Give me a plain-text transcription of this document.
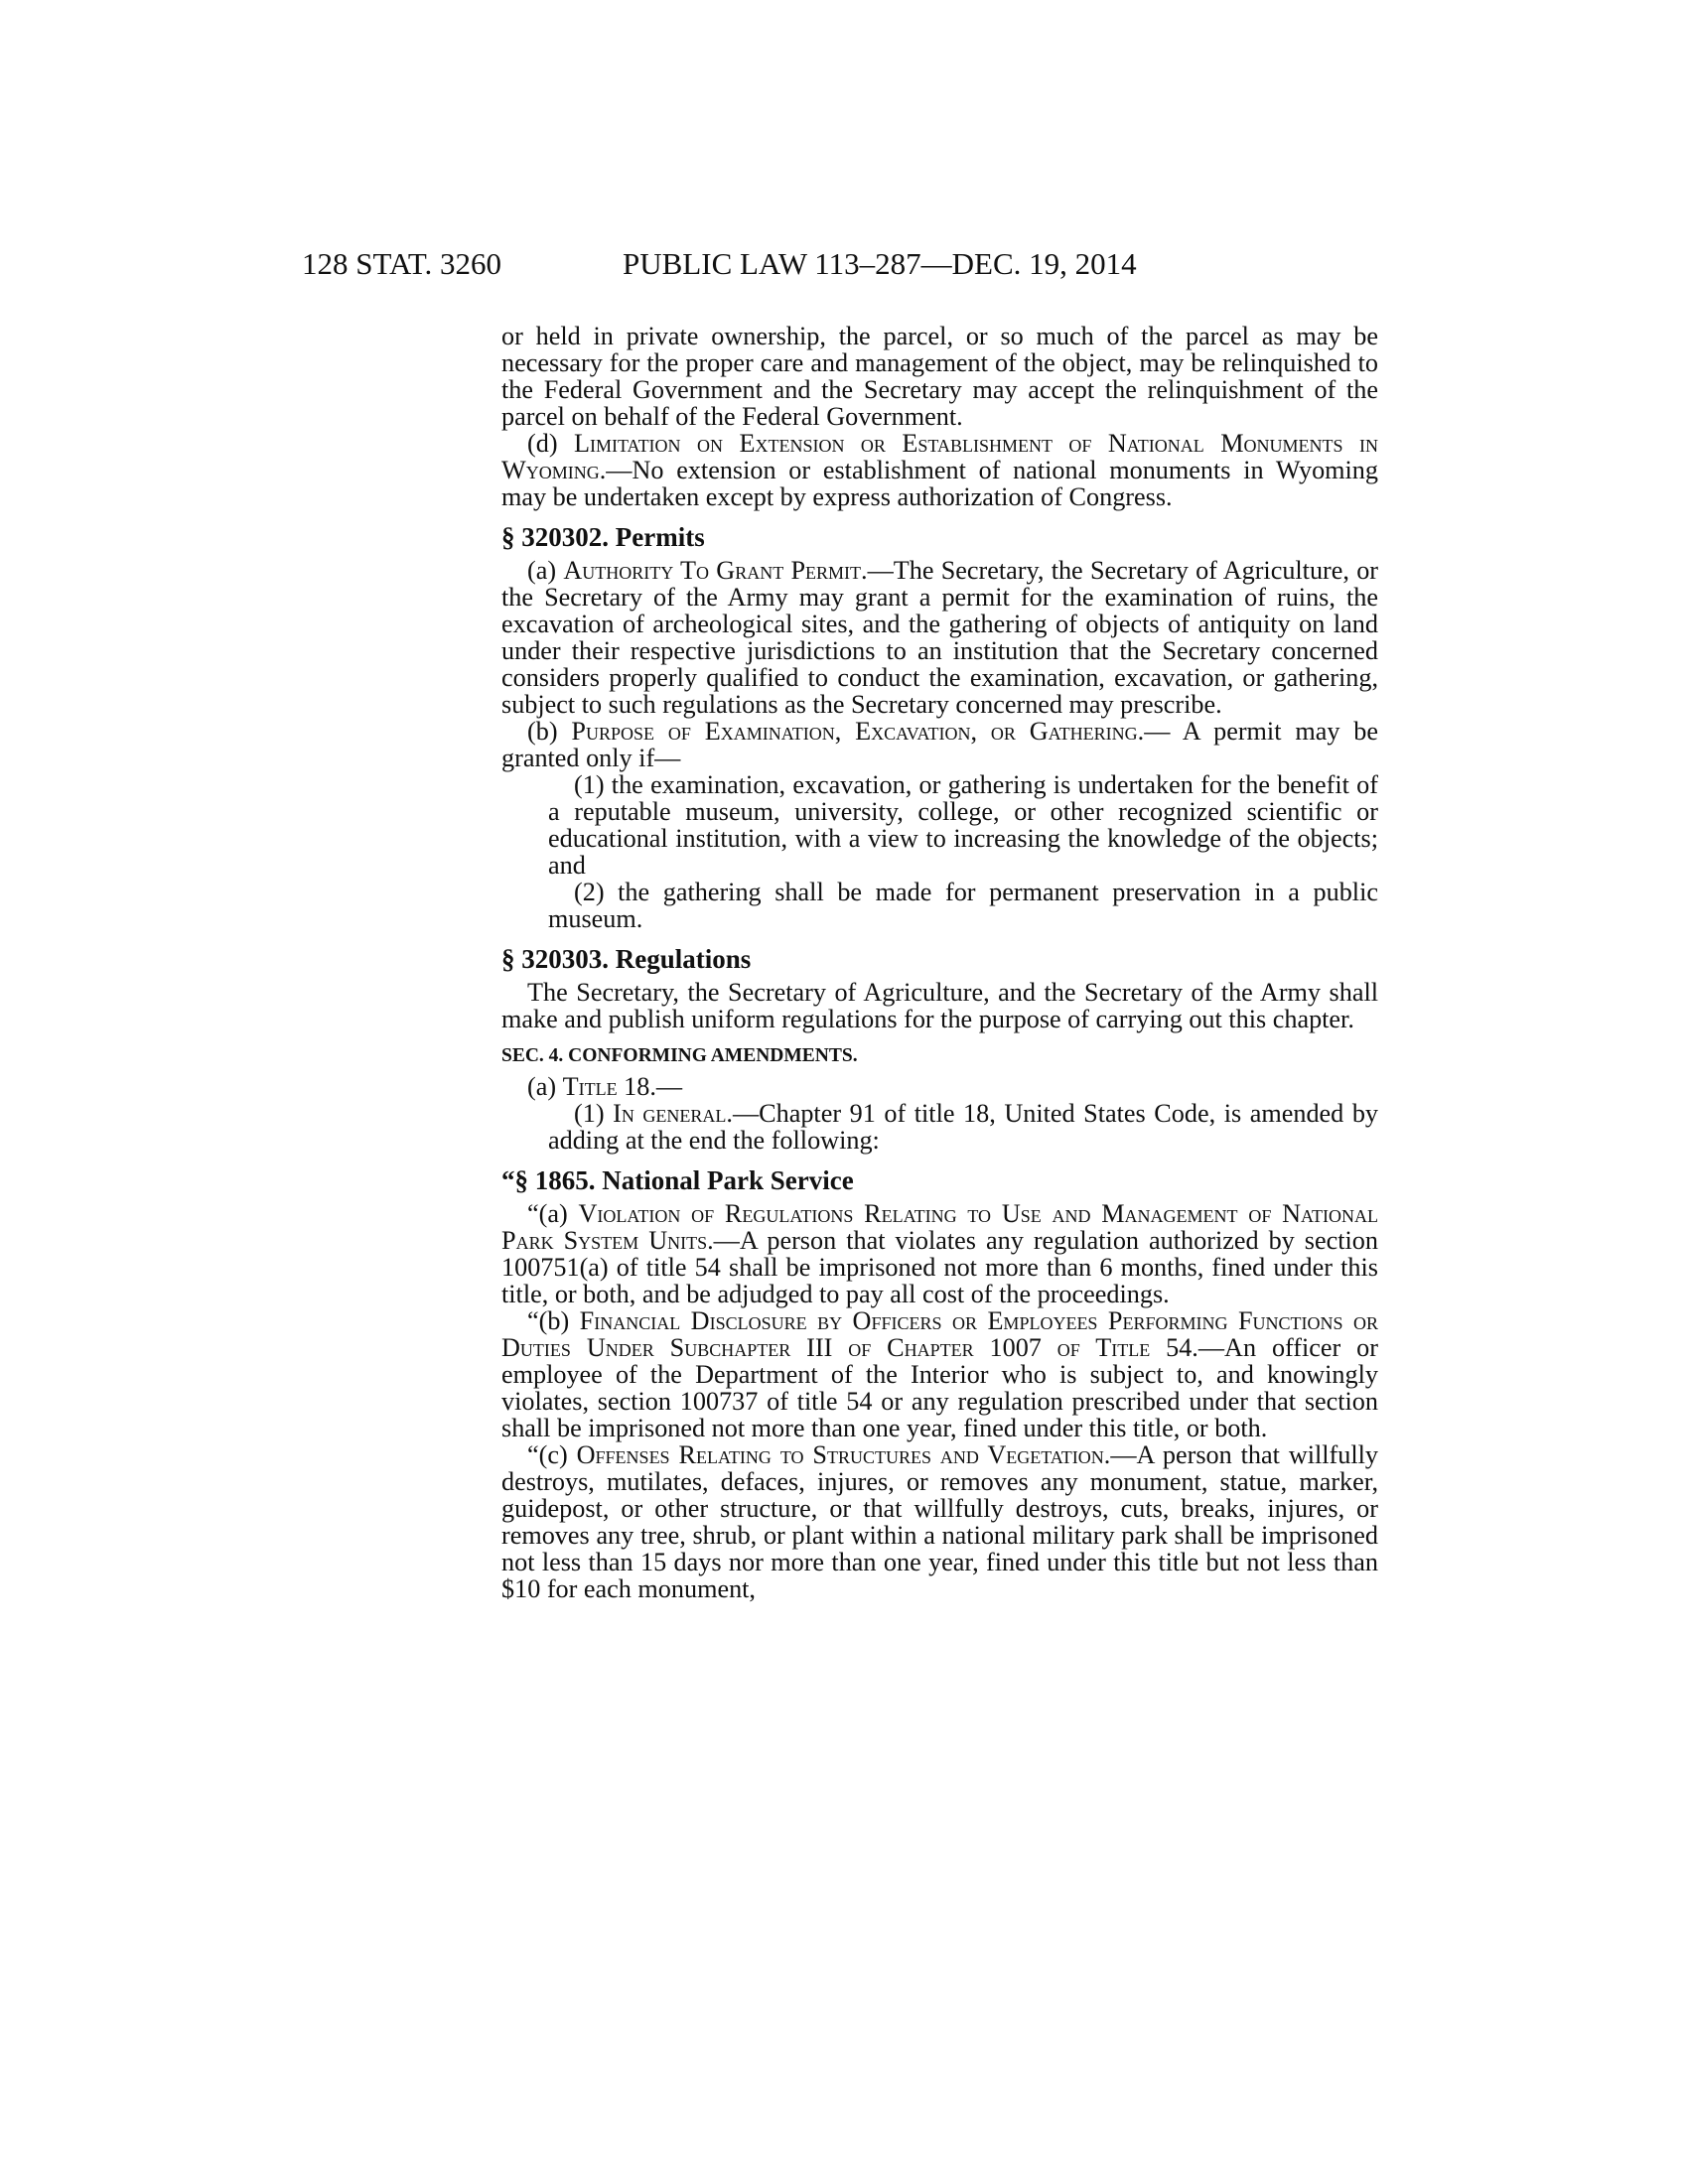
128 STAT. 3260	PUBLIC LAW 113–287—DEC. 19, 2014

or held in private ownership, the parcel, or so much of the parcel as may be necessary for the proper care and management of the object, may be relinquished to the Federal Government and the Secretary may accept the relinquishment of the parcel on behalf of the Federal Government.

(d) Limitation on Extension or Establishment of National Monuments in Wyoming.—No extension or establishment of national monuments in Wyoming may be undertaken except by express authorization of Congress.

§ 320302. Permits

(a) Authority To Grant Permit.—The Secretary, the Secretary of Agriculture, or the Secretary of the Army may grant a permit for the examination of ruins, the excavation of archeological sites, and the gathering of objects of antiquity on land under their respective jurisdictions to an institution that the Secretary concerned considers properly qualified to conduct the examination, excavation, or gathering, subject to such regulations as the Secretary concerned may prescribe.

(b) Purpose of Examination, Excavation, or Gathering.— A permit may be granted only if—

(1) the examination, excavation, or gathering is undertaken for the benefit of a reputable museum, university, college, or other recognized scientific or educational institution, with a view to increasing the knowledge of the objects; and

(2) the gathering shall be made for permanent preservation in a public museum.

§ 320303. Regulations

The Secretary, the Secretary of Agriculture, and the Secretary of the Army shall make and publish uniform regulations for the purpose of carrying out this chapter.

SEC. 4. CONFORMING AMENDMENTS.

(a) Title 18.—

(1) In general.—Chapter 91 of title 18, United States Code, is amended by adding at the end the following:

“§ 1865. National Park Service

“(a) Violation of Regulations Relating to Use and Management of National Park System Units.—A person that violates any regulation authorized by section 100751(a) of title 54 shall be imprisoned not more than 6 months, fined under this title, or both, and be adjudged to pay all cost of the proceedings.

“(b) Financial Disclosure by Officers or Employees Performing Functions or Duties Under Subchapter III of Chapter 1007 of Title 54.—An officer or employee of the Department of the Interior who is subject to, and knowingly violates, section 100737 of title 54 or any regulation prescribed under that section shall be imprisoned not more than one year, fined under this title, or both.

“(c) Offenses Relating to Structures and Vegetation.—A person that willfully destroys, mutilates, defaces, injures, or removes any monument, statue, marker, guidepost, or other structure, or that willfully destroys, cuts, breaks, injures, or removes any tree, shrub, or plant within a national military park shall be imprisoned not less than 15 days nor more than one year, fined under this title but not less than $10 for each monument,
